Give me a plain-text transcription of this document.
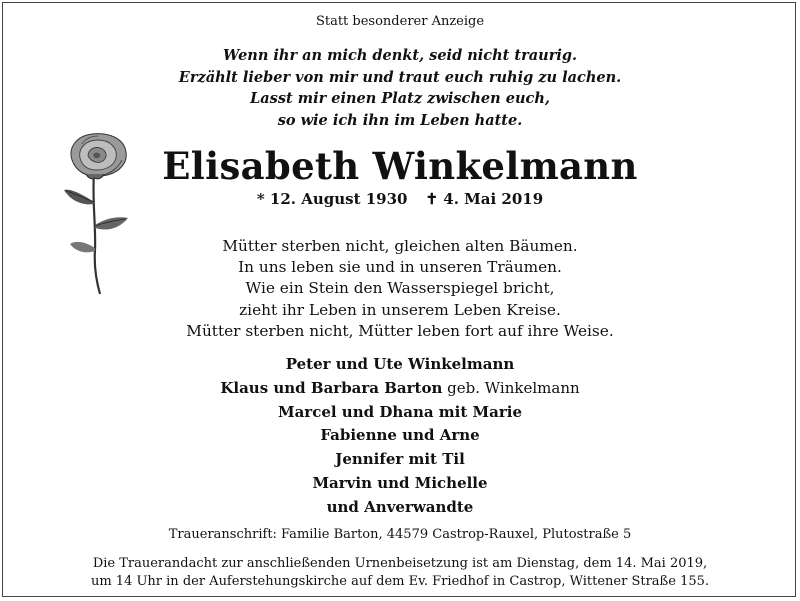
Statt besonderer Anzeige
Wenn ihr an mich denkt, seid nicht traurig.
Erzählt lieber von mir und traut euch ruhig zu lachen.
Lasst mir einen Platz zwischen euch,
so wie ich ihn im Leben hatte.
Elisabeth Winkelmann
* 12. August 1930 ✝ 4. Mai 2019
Mütter sterben nicht, gleichen alten Bäumen.
In uns leben sie und in unseren Träumen.
Wie ein Stein den Wasserspiegel bricht,
zieht ihr Leben in unserem Leben Kreise.
Mütter sterben nicht, Mütter leben fort auf ihre Weise.
Peter und Ute Winkelmann
Klaus und Barbara Barton geb. Winkelmann
Marcel und Dhana mit Marie
Fabienne und Arne
Jennifer mit Til
Marvin und Michelle
und Anverwandte
Traueranschrift: Familie Barton, 44579 Castrop-Rauxel, Plutostraße 5
Die Trauerandacht zur anschließenden Urnenbeisetzung ist am Dienstag, dem 14. Mai 2019,
um 14 Uhr in der Auferstehungskirche auf dem Ev. Friedhof in Castrop, Wittener Straße 155.
